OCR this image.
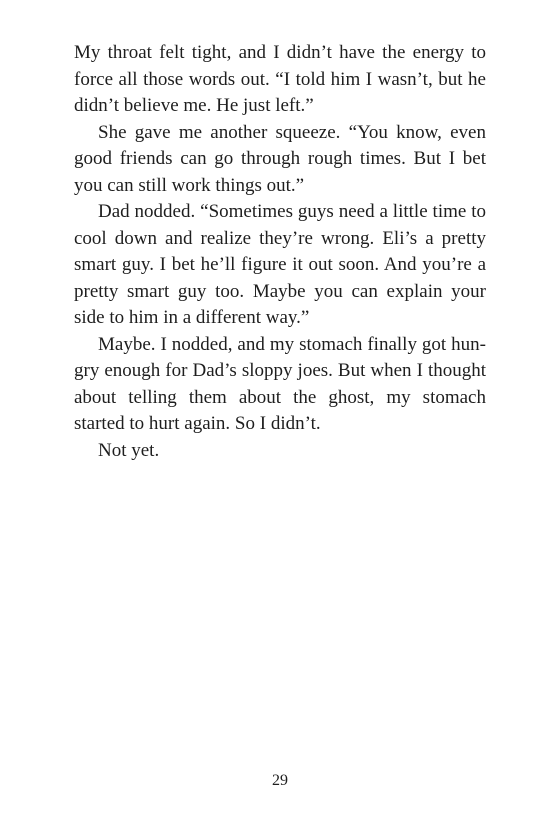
My throat felt tight, and I didn’t have the energy to force all those words out. “I told him I wasn’t, but he didn’t believe me. He just left.”

She gave me another squeeze. “You know, even good friends can go through rough times. But I bet you can still work things out.”

Dad nodded. “Sometimes guys need a little time to cool down and realize they’re wrong. Eli’s a pretty smart guy. I bet he’ll figure it out soon. And you’re a pretty smart guy too. Maybe you can explain your side to him in a different way.”

Maybe. I nodded, and my stomach finally got hungry enough for Dad’s sloppy joes. But when I thought about telling them about the ghost, my stomach started to hurt again. So I didn’t.

Not yet.

29
